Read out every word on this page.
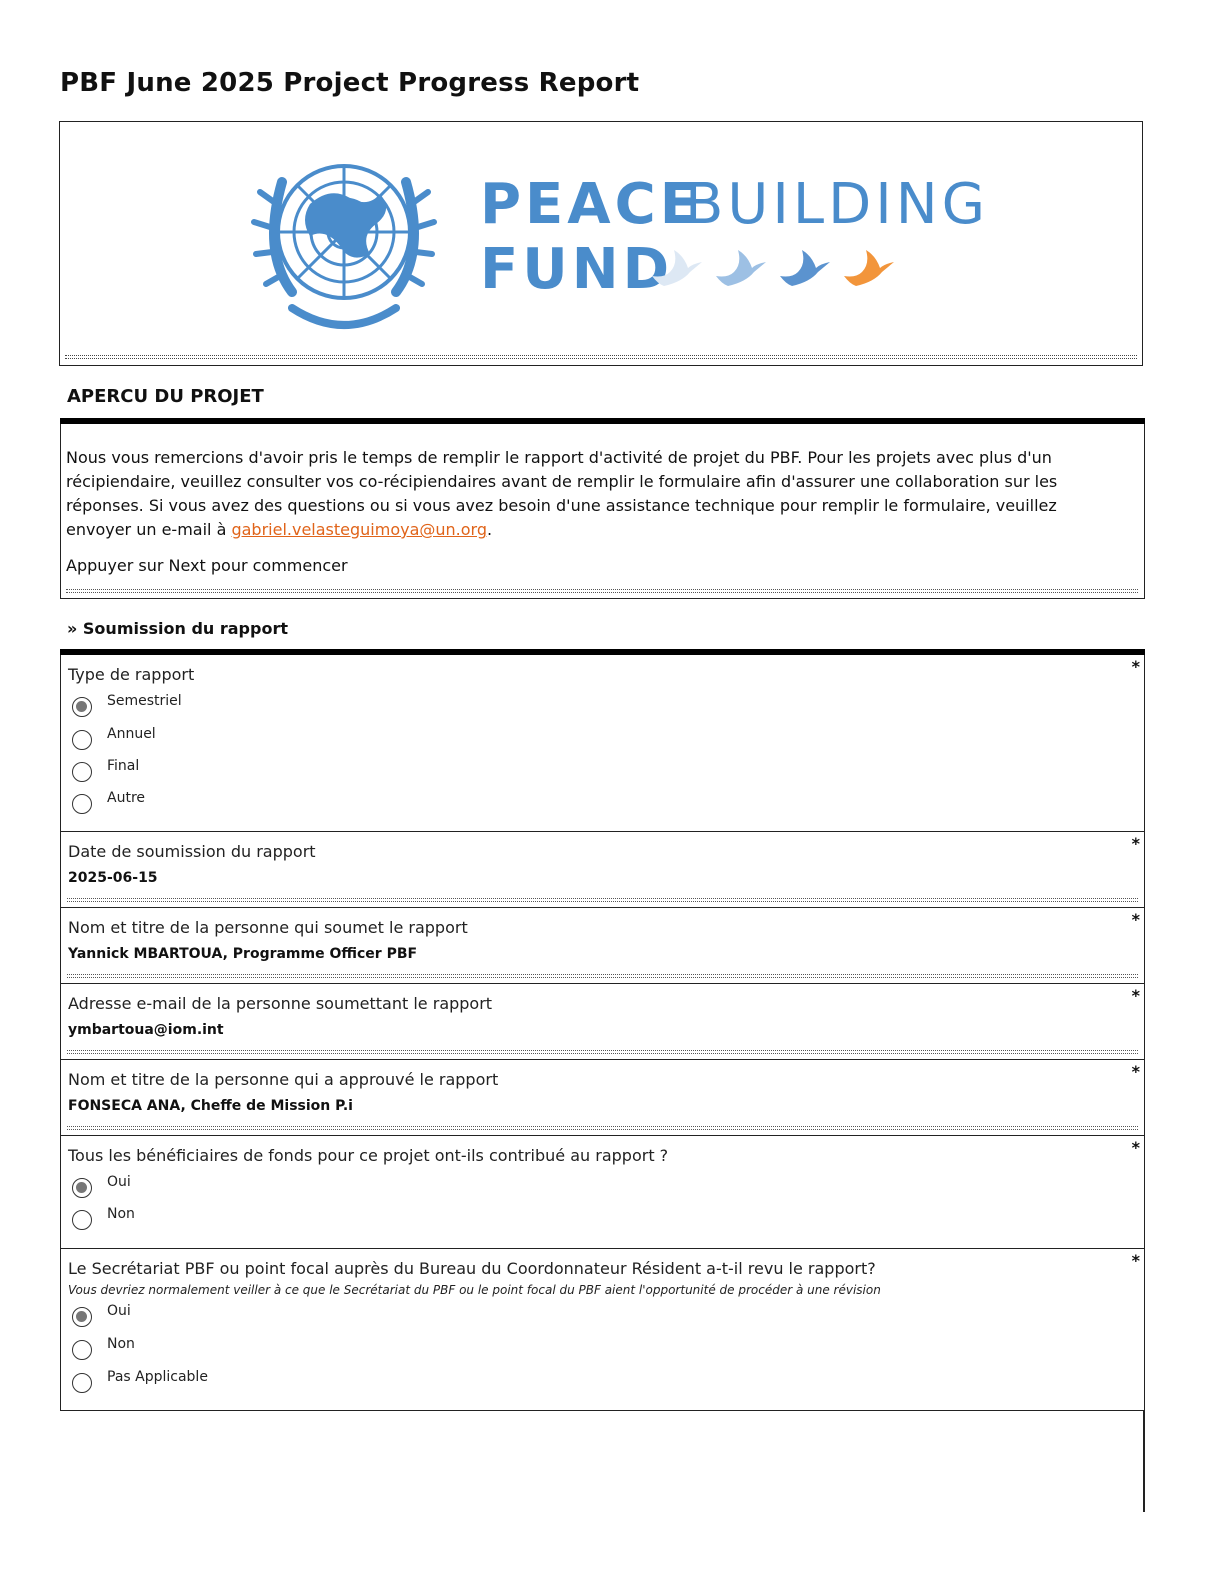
PBF June 2025 Project Progress Report
PEACE
BUILDING
FUND
APERCU DU PROJET
Nous vous remercions d'avoir pris le temps de remplir le rapport d'activité de projet du PBF. Pour les projets avec plus d'un récipiendaire, veuillez consulter vos co-récipiendaires avant de remplir le formulaire afin d'assurer une collaboration sur les réponses. Si vous avez des questions ou si vous avez besoin d'une assistance technique pour remplir le formulaire, veuillez envoyer un e-mail à gabriel.velasteguimoya@un.org.
Appuyer sur Next pour commencer
» Soumission du rapport
Type de rapport	*
Semestriel
Annuel
Final
Autre
Date de soumission du rapport	*
2025-06-15
Nom et titre de la personne qui soumet le rapport	*
Yannick MBARTOUA, Programme Officer PBF
Adresse e-mail de la personne soumettant le rapport	*
ymbartoua@iom.int
Nom et titre de la personne qui a approuvé le rapport	*
FONSECA ANA, Cheffe de Mission P.i
Tous les bénéficiaires de fonds pour ce projet ont-ils contribué au rapport ?	*
Oui
Non
Le Secrétariat PBF ou point focal auprès du Bureau du Coordonnateur Résident a-t-il revu le rapport?	*
Vous devriez normalement veiller à ce que le Secrétariat du PBF ou le point focal du PBF aient l'opportunité de procéder à une révision
Oui
Non
Pas Applicable
